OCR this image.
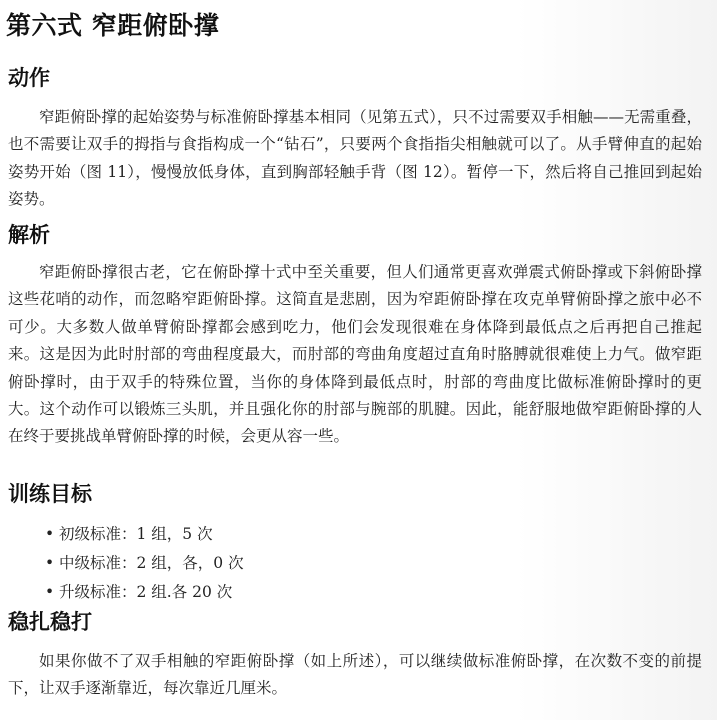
第六式 窄距俯卧撑
动作

窄距俯卧撑的起始姿势与标准俯卧撑基本相同（见第五式），只不过需要双手相触——无需重叠，也不需要让双手的拇指与食指构成一个“钻石”，只要两个食指指尖相触就可以了。从手臂伸直的起始姿势开始（图 11），慢慢放低身体，直到胸部轻触手背（图 12）。暂停一下，然后将自己推回到起始姿势。

解析

窄距俯卧撑很古老，它在俯卧撑十式中至关重要，但人们通常更喜欢弹震式俯卧撑或下斜俯卧撑这些花哨的动作，而忽略窄距俯卧撑。这简直是悲剧，因为窄距俯卧撑在攻克单臂俯卧撑之旅中必不可少。大多数人做单臂俯卧撑都会感到吃力，他们会发现很难在身体降到最低点之后再把自己推起来。这是因为此时肘部的弯曲程度最大，而肘部的弯曲角度超过直角时胳膊就很难使上力气。做窄距俯卧撑时，由于双手的特殊位置，当你的身体降到最低点时，肘部的弯曲度比做标准俯卧撑时的更大。这个动作可以锻炼三头肌，并且强化你的肘部与腕部的肌腱。因此，能舒服地做窄距俯卧撑的人在终于要挑战单臂俯卧撑的时候，会更从容一些。

训练目标
• 初级标准：1 组，5 次
• 中级标准：2 组，各，0 次
• 升级标准：2 组.各 20 次
稳扎稳打

如果你做不了双手相触的窄距俯卧撑（如上所述），可以继续做标准俯卧撑，在次数不变的前提下，让双手逐渐靠近，每次靠近几厘米。
